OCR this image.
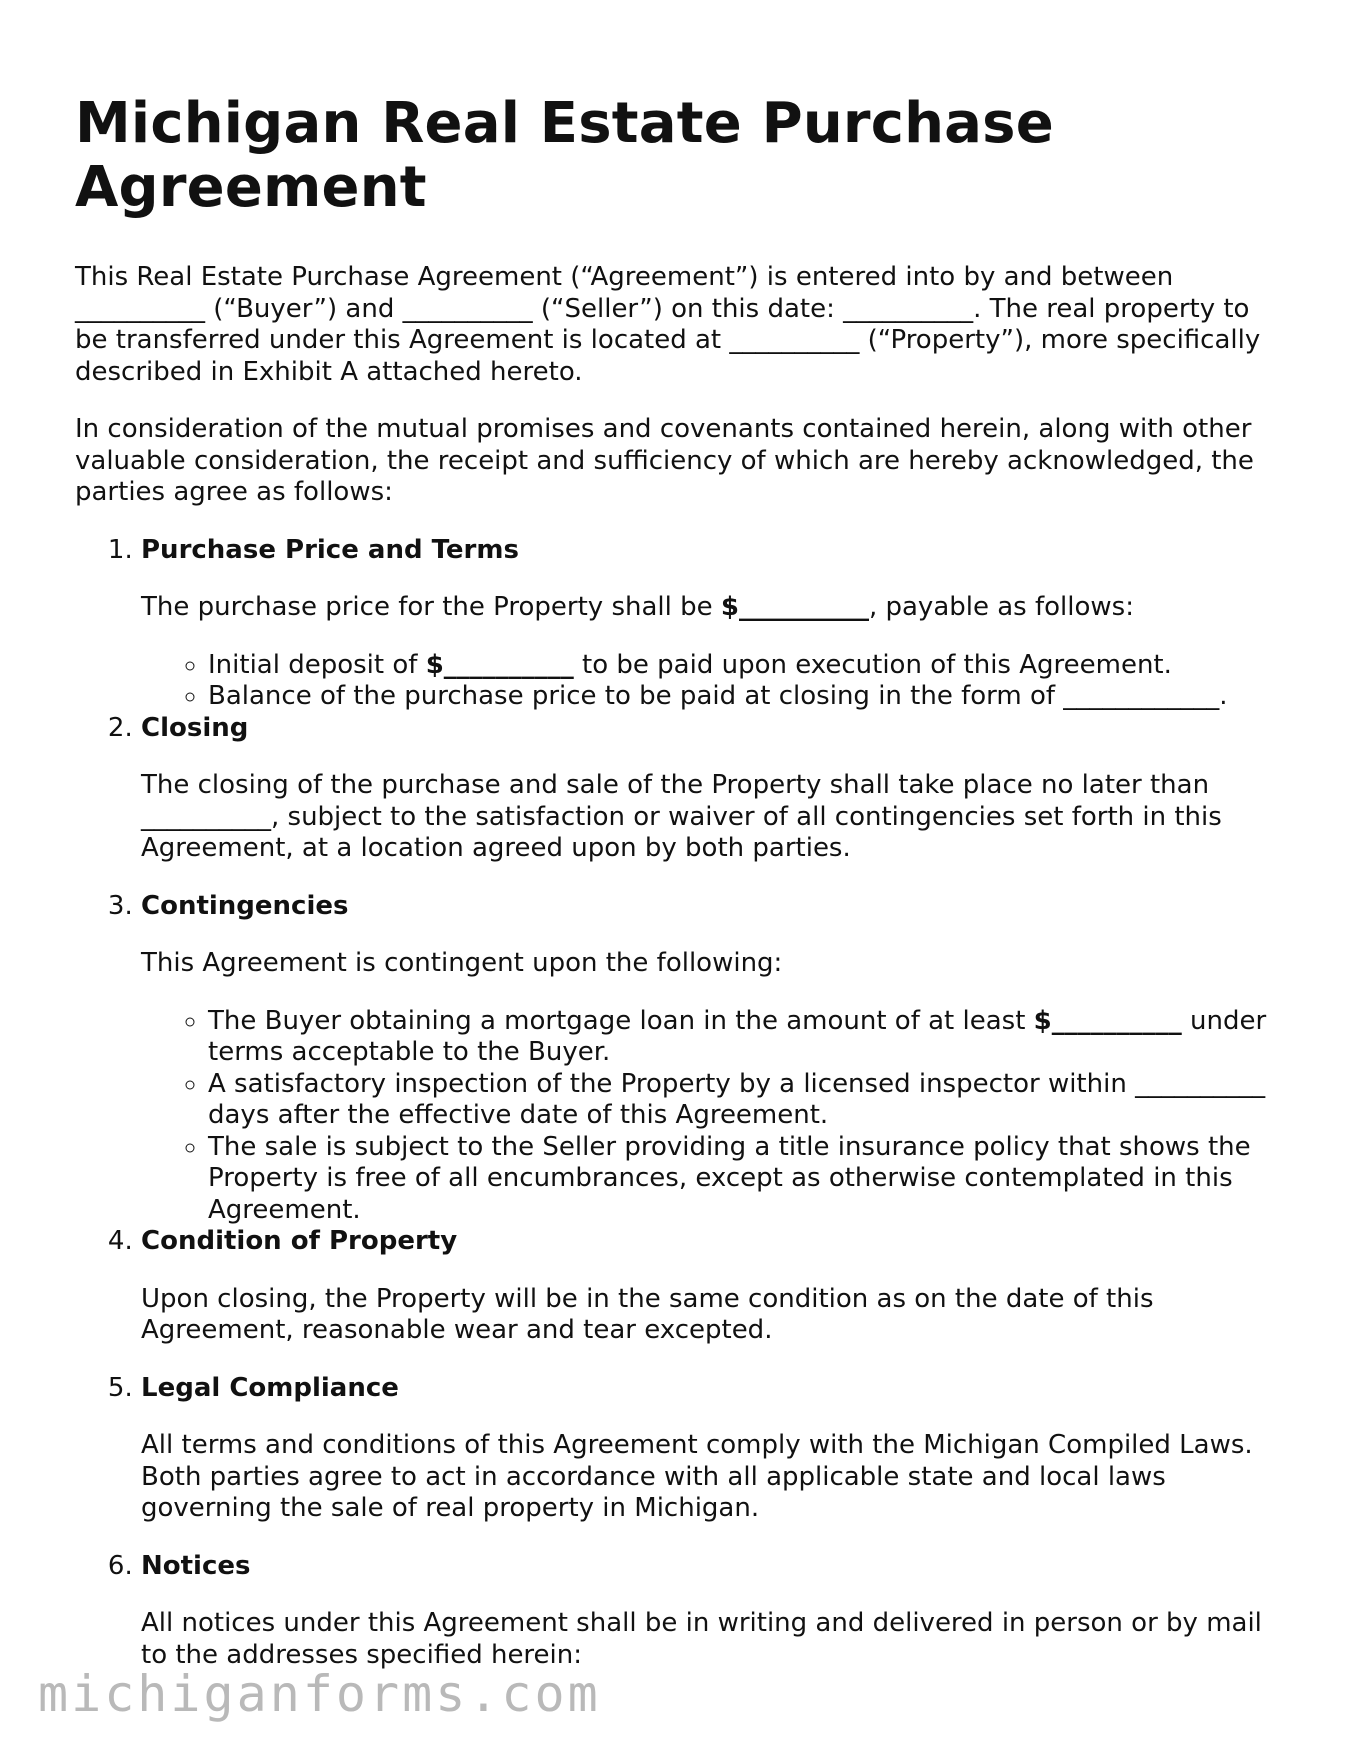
Michigan Real Estate Purchase Agreement

This Real Estate Purchase Agreement (“Agreement”) is entered into by and between __________ (“Buyer”) and __________ (“Seller”) on this date: __________. The real property to be transferred under this Agreement is located at __________ (“Property”), more specifically described in Exhibit A attached hereto.

In consideration of the mutual promises and covenants contained herein, along with other valuable consideration, the receipt and sufficiency of which are hereby acknowledged, the parties agree as follows:

1. Purchase Price and Terms

The purchase price for the Property shall be $__________, payable as follows:

◦ Initial deposit of $__________ to be paid upon execution of this Agreement.
◦ Balance of the purchase price to be paid at closing in the form of ____________.
2. Closing

The closing of the purchase and sale of the Property shall take place no later than __________, subject to the satisfaction or waiver of all contingencies set forth in this Agreement, at a location agreed upon by both parties.

3. Contingencies

This Agreement is contingent upon the following:

◦ The Buyer obtaining a mortgage loan in the amount of at least $__________ under terms acceptable to the Buyer.
◦ A satisfactory inspection of the Property by a licensed inspector within __________ days after the effective date of this Agreement.
◦ The sale is subject to the Seller providing a title insurance policy that shows the Property is free of all encumbrances, except as otherwise contemplated in this Agreement.
4. Condition of Property

Upon closing, the Property will be in the same condition as on the date of this Agreement, reasonable wear and tear excepted.

5. Legal Compliance

All terms and conditions of this Agreement comply with the Michigan Compiled Laws. Both parties agree to act in accordance with all applicable state and local laws governing the sale of real property in Michigan.

6. Notices

All notices under this Agreement shall be in writing and delivered in person or by mail to the addresses specified herein:

michiganforms.com
